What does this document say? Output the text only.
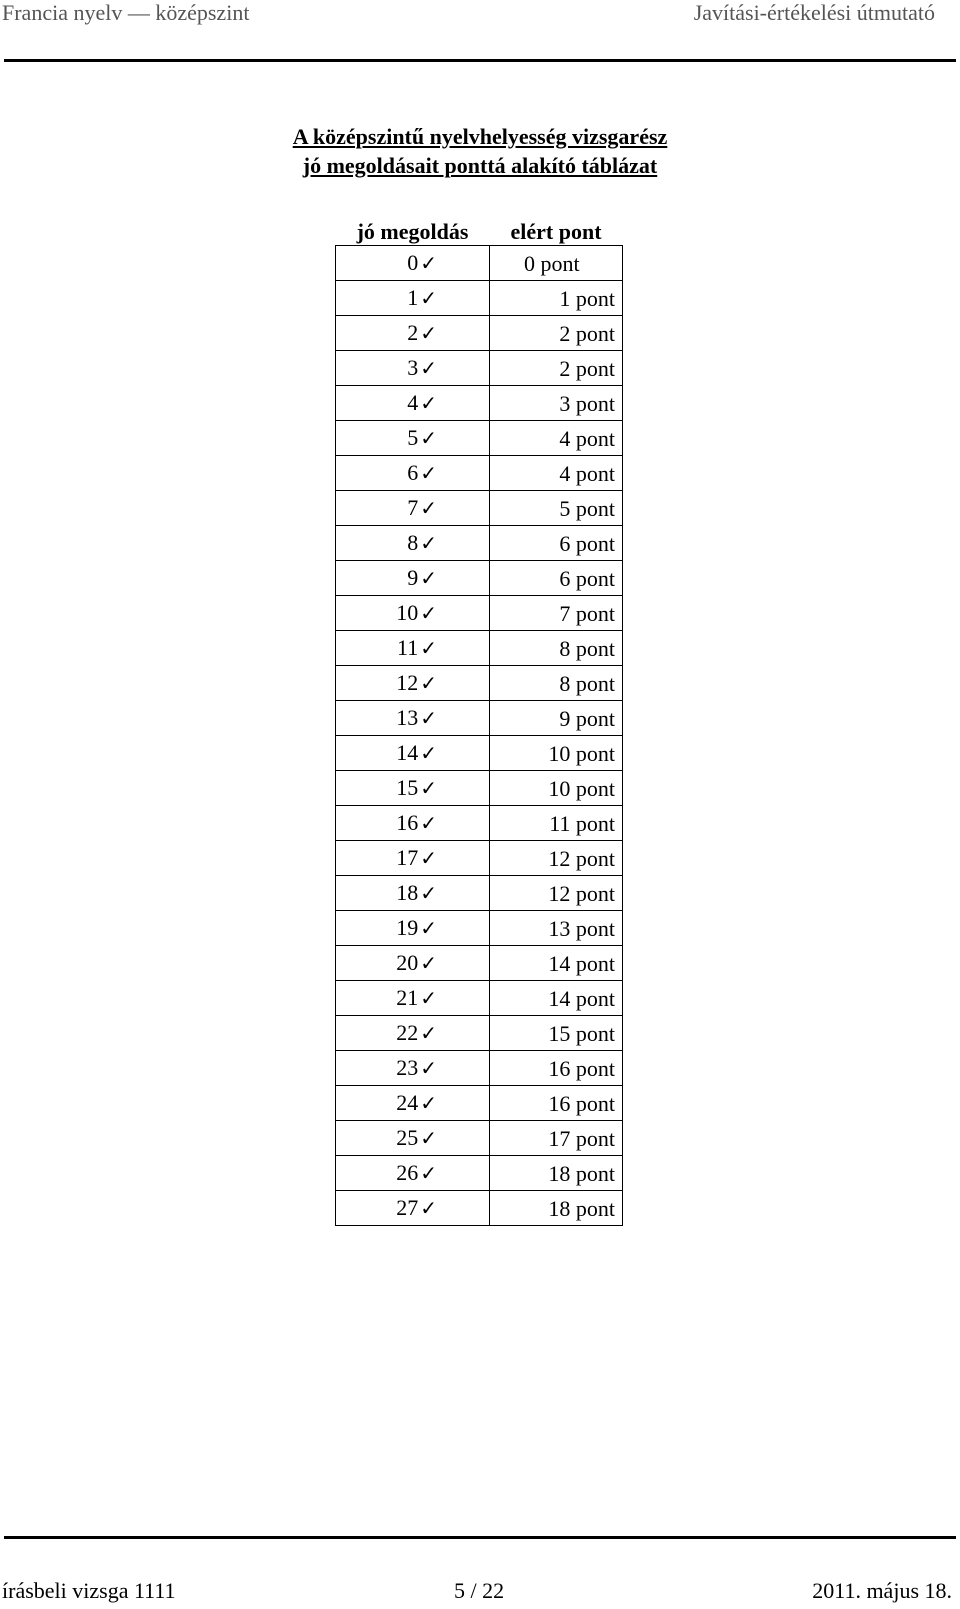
Francia nyelv — középszint	Javítási-értékelési útmutató
A középszintű nyelvhelyesség vizsgarész
jó megoldásait ponttá alakító táblázat
jó megoldás	elért pont
0 ✓	0 pont
1 ✓	1 pont
2 ✓	2 pont
3 ✓	2 pont
4 ✓	3 pont
5 ✓	4 pont
6 ✓	4 pont
7 ✓	5 pont
8 ✓	6 pont
9 ✓	6 pont
10 ✓	7 pont
11 ✓	8 pont
12 ✓	8 pont
13 ✓	9 pont
14 ✓	10 pont
15 ✓	10 pont
16 ✓	11 pont
17 ✓	12 pont
18 ✓	12 pont
19 ✓	13 pont
20 ✓	14 pont
21 ✓	14 pont
22 ✓	15 pont
23 ✓	16 pont
24 ✓	16 pont
25 ✓	17 pont
26 ✓	18 pont
27 ✓	18 pont
írásbeli vizsga 1111	5 / 22	2011. május 18.
